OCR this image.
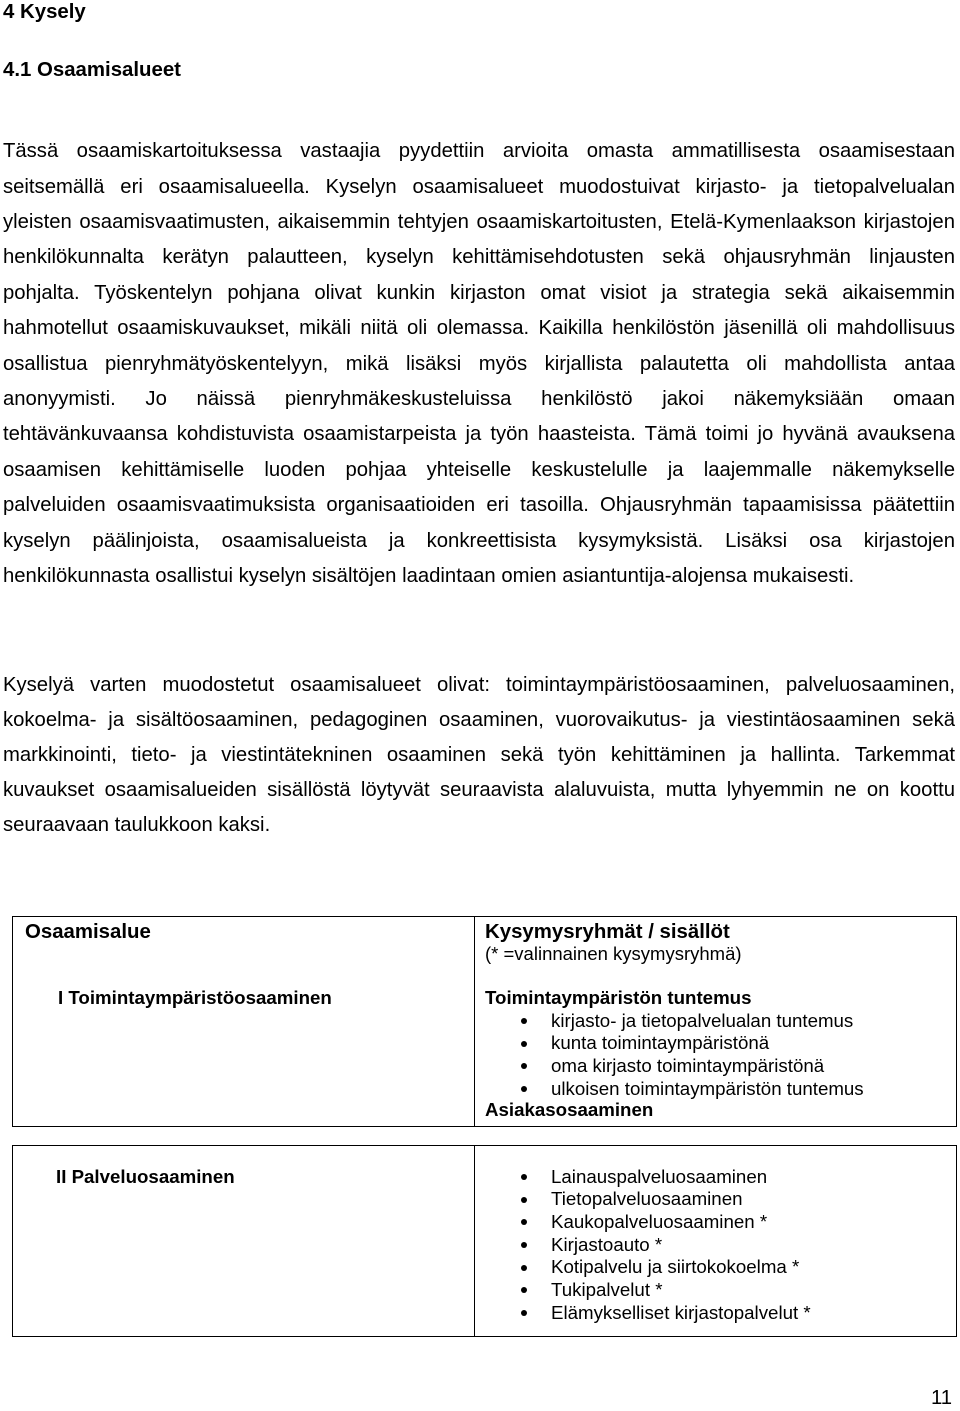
4 Kysely
4.1 Osaamisalueet
Tässä osaamiskartoituksessa vastaajia pyydettiin arvioita omasta ammatillisesta osaamisestaan
seitsemällä eri osaamisalueella. Kyselyn osaamisalueet muodostuivat kirjasto- ja tietopalvelualan
yleisten osaamisvaatimusten, aikaisemmin tehtyjen osaamiskartoitusten, Etelä-Kymenlaakson kirjastojen
henkilökunnalta kerätyn palautteen, kyselyn kehittämisehdotusten sekä ohjausryhmän linjausten
pohjalta. Työskentelyn pohjana olivat kunkin kirjaston omat visiot ja strategia sekä aikaisemmin
hahmotellut osaamiskuvaukset, mikäli niitä oli olemassa. Kaikilla henkilöstön jäsenillä oli mahdollisuus
osallistua pienryhmätyöskentelyyn, mikä lisäksi myös kirjallista palautetta oli mahdollista antaa
anonyymisti. Jo näissä pienryhmäkeskusteluissa henkilöstö jakoi näkemyksiään omaan
tehtävänkuvaansa kohdistuvista osaamistarpeista ja työn haasteista. Tämä toimi jo hyvänä avauksena
osaamisen kehittämiselle luoden pohjaa yhteiselle keskustelulle ja laajemmalle näkemykselle
palveluiden osaamisvaatimuksista organisaatioiden eri tasoilla. Ohjausryhmän tapaamisissa päätettiin
kyselyn päälinjoista, osaamisalueista ja konkreettisista kysymyksistä. Lisäksi osa kirjastojen
henkilökunnasta osallistui kyselyn sisältöjen laadintaan omien asiantuntija-alojensa mukaisesti.
Kyselyä varten muodostetut osaamisalueet olivat: toimintaympäristöosaaminen, palveluosaaminen,
kokoelma- ja sisältöosaaminen, pedagoginen osaaminen, vuorovaikutus- ja viestintäosaaminen sekä
markkinointi, tieto- ja viestintätekninen osaaminen sekä työn kehittäminen ja hallinta. Tarkemmat
kuvaukset osaamisalueiden sisällöstä löytyvät seuraavista alaluvuista, mutta lyhyemmin ne on koottu
seuraavaan taulukkoon kaksi.
Osaamisalue	Kysymysryhmät / sisällöt
(* =valinnainen kysymysryhmä)
I Toimintaympäristöosaaminen	Toimintaympäristön tuntemus
kirjasto- ja tietopalvelualan tuntemus
kunta toimintaympäristönä
oma kirjasto toimintaympäristönä
ulkoisen toimintaympäristön tuntemus
Asiakasosaaminen
II Palveluosaaminen	Lainauspalveluosaaminen
Tietopalveluosaaminen
Kaukopalveluosaaminen *
Kirjastoauto *
Kotipalvelu ja siirtokokoelma *
Tukipalvelut *
Elämykselliset kirjastopalvelut *
11
